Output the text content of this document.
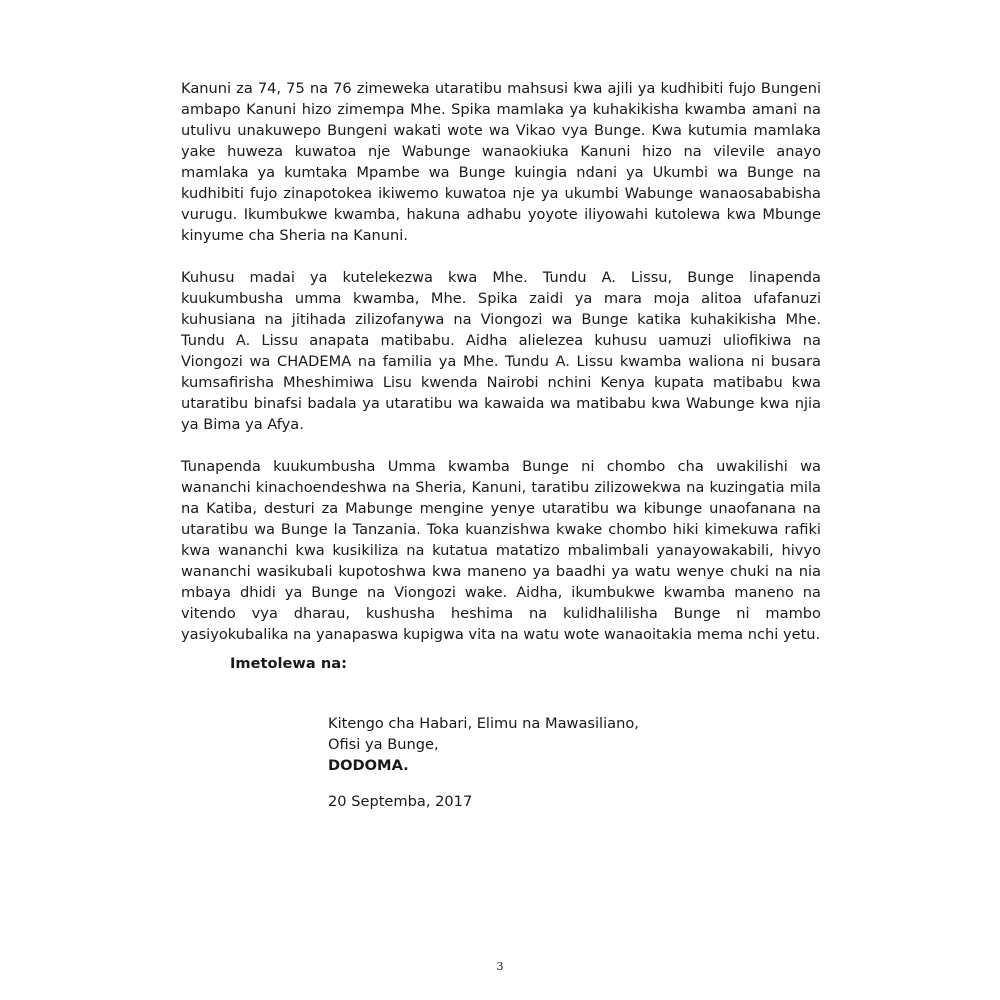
Kanuni za 74, 75 na 76 zimeweka utaratibu mahsusi kwa ajili ya kudhibiti fujo Bungeni ambapo Kanuni hizo zimempa Mhe. Spika mamlaka ya kuhakikisha kwamba amani na utulivu unakuwepo Bungeni wakati wote wa Vikao vya Bunge. Kwa kutumia mamlaka yake huweza kuwatoa nje Wabunge wanaokiuka Kanuni hizo na vilevile anayo mamlaka ya kumtaka Mpambe wa Bunge kuingia ndani ya Ukumbi wa Bunge na kudhibiti fujo zinapotokea ikiwemo kuwatoa nje ya ukumbi Wabunge wanaosababisha vurugu. Ikumbukwe kwamba, hakuna adhabu yoyote iliyowahi kutolewa kwa Mbunge kinyume cha Sheria na Kanuni.

Kuhusu madai ya kutelekezwa kwa Mhe. Tundu A. Lissu, Bunge linapenda kuukumbusha umma kwamba, Mhe. Spika zaidi ya mara moja alitoa ufafanuzi kuhusiana na jitihada zilizofanywa na Viongozi wa Bunge katika kuhakikisha Mhe. Tundu A. Lissu anapata matibabu. Aidha alielezea kuhusu uamuzi uliofikiwa na Viongozi wa CHADEMA na familia ya Mhe. Tundu A. Lissu kwamba waliona ni busara kumsafirisha Mheshimiwa Lisu kwenda Nairobi nchini Kenya kupata matibabu kwa utaratibu binafsi badala ya utaratibu wa kawaida wa matibabu kwa Wabunge kwa njia ya Bima ya Afya.

Tunapenda kuukumbusha Umma kwamba Bunge ni chombo cha uwakilishi wa wananchi kinachoendeshwa na Sheria, Kanuni, taratibu zilizowekwa na kuzingatia mila na Katiba, desturi za Mabunge mengine yenye utaratibu wa kibunge unaofanana na utaratibu wa Bunge la Tanzania. Toka kuanzishwa kwake chombo hiki kimekuwa rafiki kwa wananchi kwa kusikiliza na kutatua matatizo mbalimbali yanayowakabili, hivyo wananchi wasikubali kupotoshwa kwa maneno ya baadhi ya watu wenye chuki na nia mbaya dhidi ya Bunge na Viongozi wake. Aidha, ikumbukwe kwamba maneno na vitendo vya dharau, kushusha heshima na kulidhalilisha Bunge ni mambo yasiyokubalika na yanapaswa kupigwa vita na watu wote wanaoitakia mema nchi yetu.

Imetolewa na:

Kitengo cha Habari, Elimu na Mawasiliano,
Ofisi ya Bunge,
DODOMA.

20 Septemba, 2017

3
